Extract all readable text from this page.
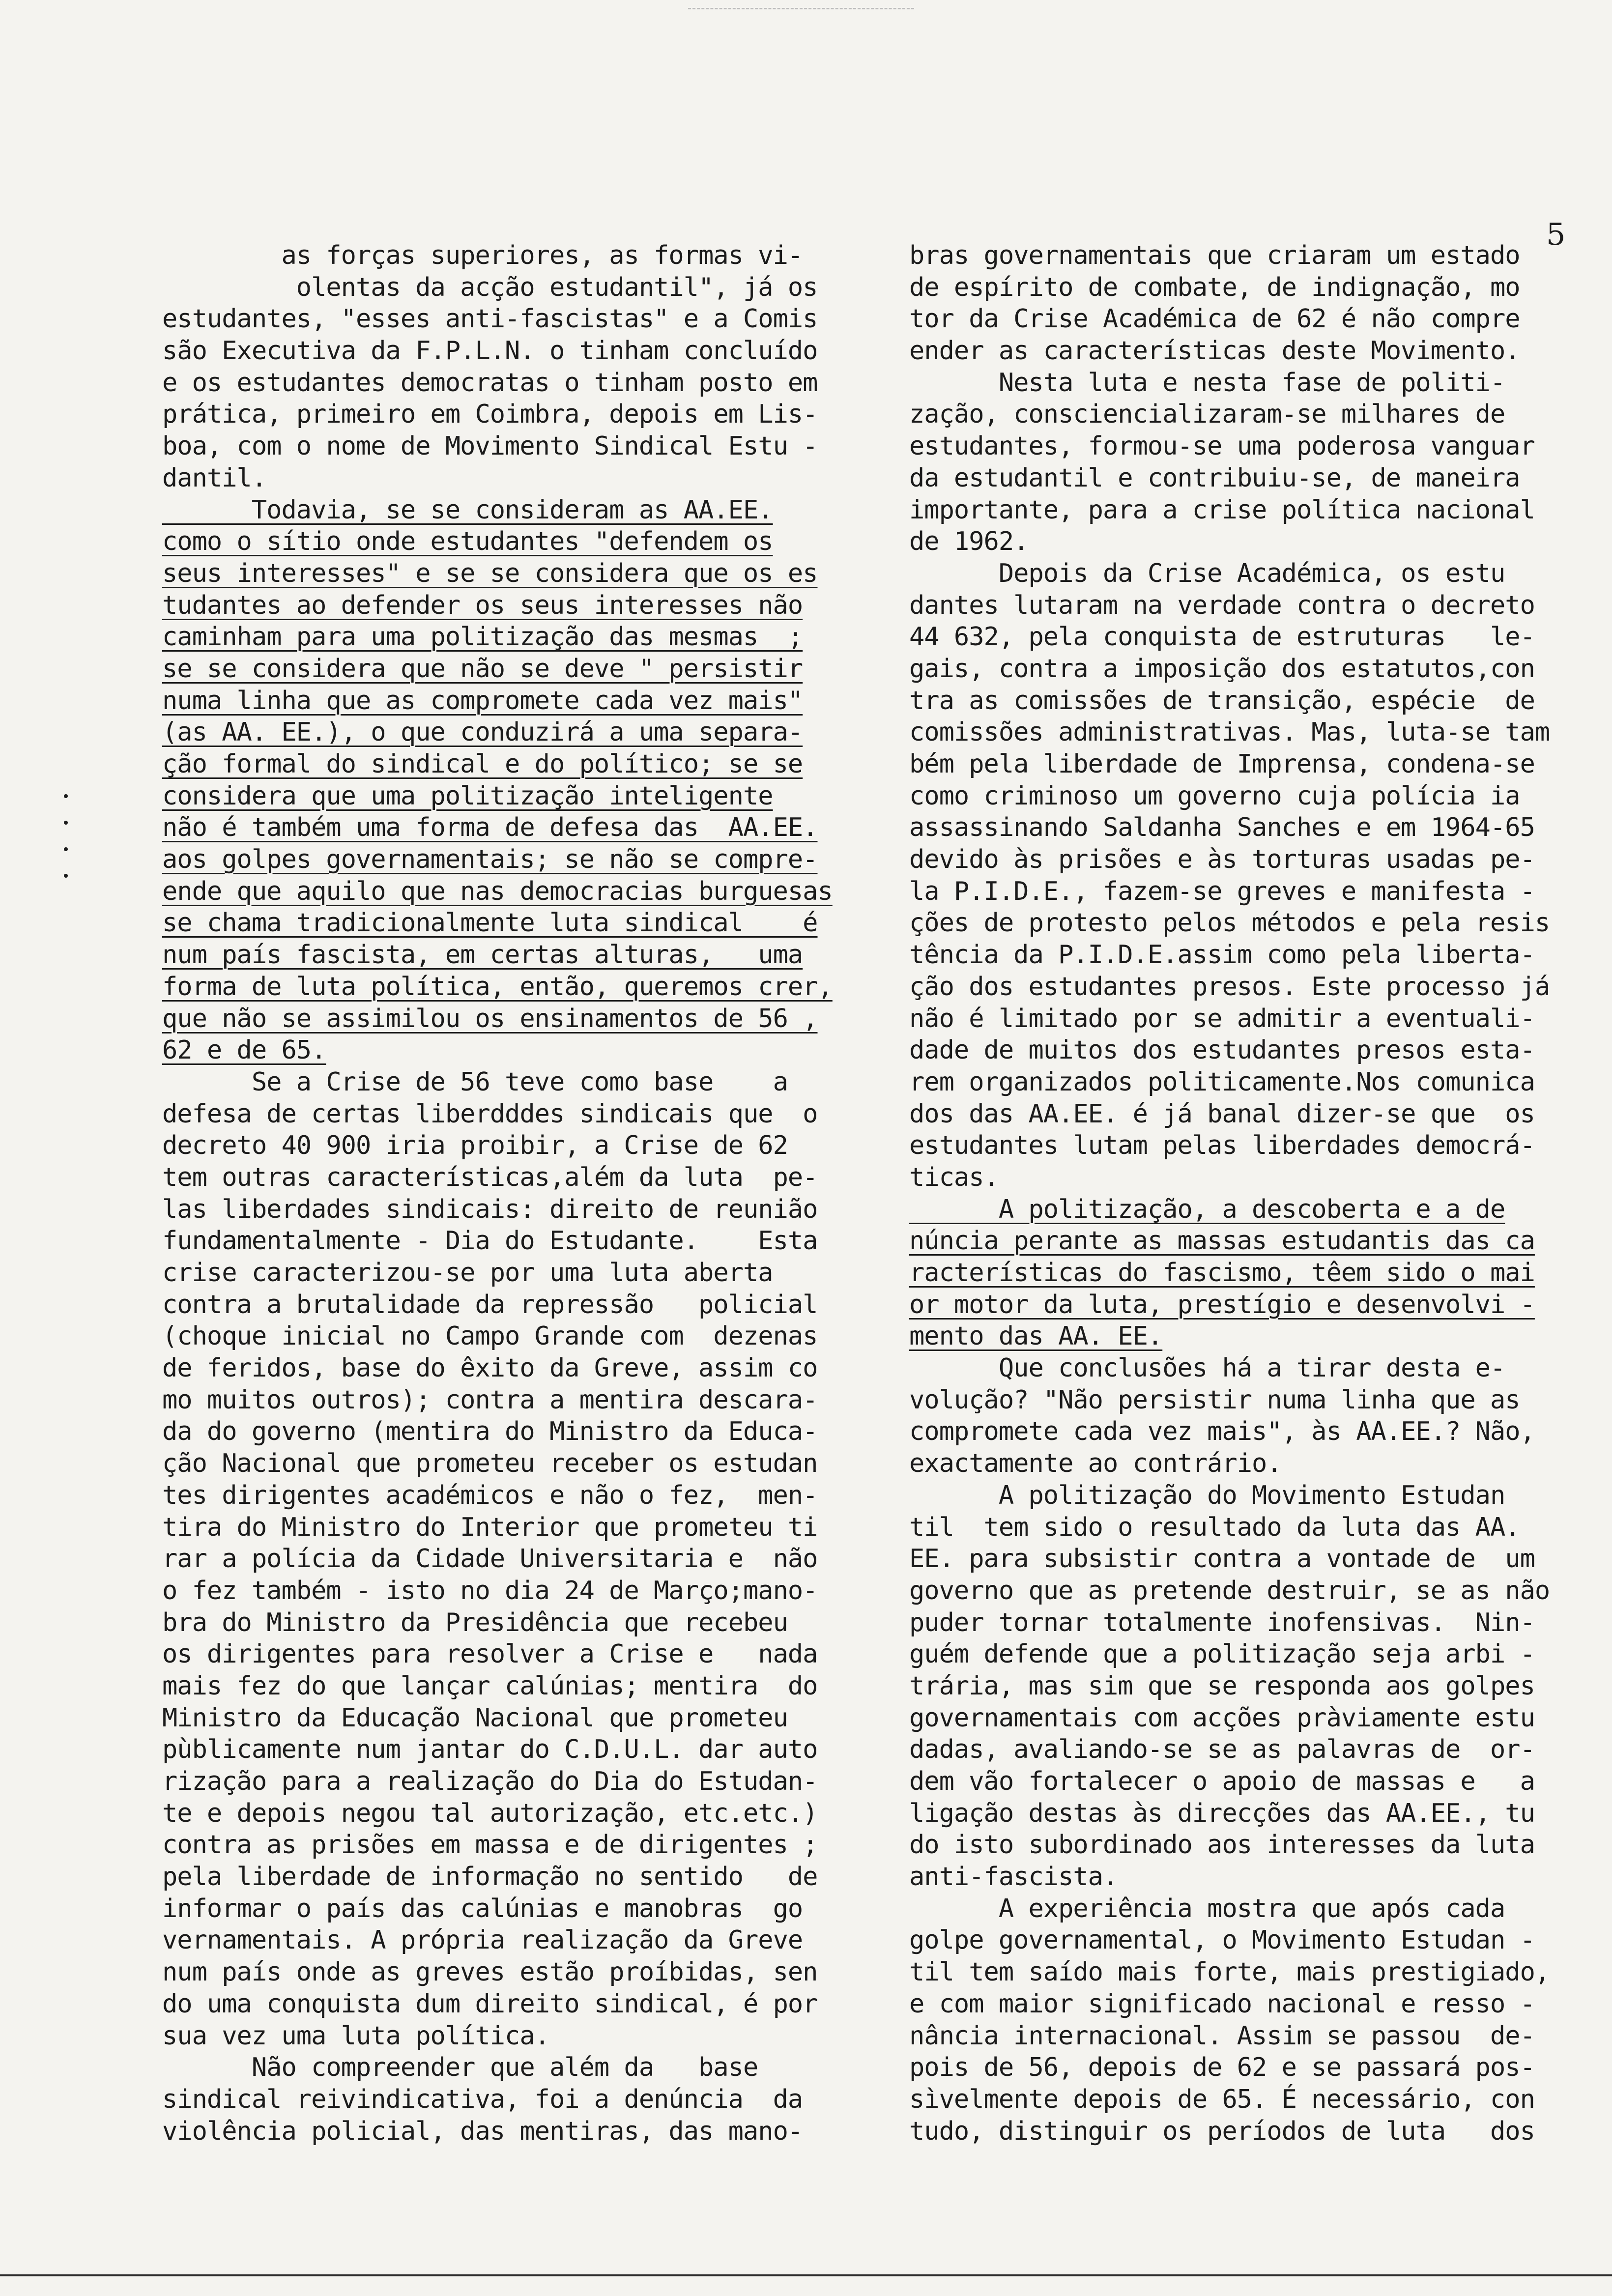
5
as forças superiores, as formas vi-
olentas da acção estudantil", já os
estudantes, "esses anti-fascistas" e a Comis
são Executiva da F.P.L.N. o tinham concluído
e os estudantes democratas o tinham posto em
prática, primeiro em Coimbra, depois em Lis-
boa, com o nome de Movimento Sindical Estu -
dantil.
Todavia, se se consideram as AA.EE.
como o sítio onde estudantes "defendem os
seus interesses" e se se considera que os es
tudantes ao defender os seus interesses não
caminham para uma politização das mesmas  ;
se se considera que não se deve " persistir
numa linha que as compromete cada vez mais"
(as AA. EE.), o que conduzirá a uma separa-
ção formal do sindical e do político; se se
considera que uma politização inteligente
não é também uma forma de defesa das  AA.EE.
aos golpes governamentais; se não se compre-
ende que aquilo que nas democracias burguesas
se chama tradicionalmente luta sindical    é
num país fascista, em certas alturas,   uma
forma de luta política, então, queremos crer,
que não se assimilou os ensinamentos de 56 ,
62 e de 65.
Se a Crise de 56 teve como base    a
defesa de certas liberdddes sindicais que  o
decreto 40 900 iria proibir, a Crise de 62
tem outras características,além da luta  pe-
las liberdades sindicais: direito de reunião
fundamentalmente - Dia do Estudante.    Esta
crise caracterizou-se por uma luta aberta
contra a brutalidade da repressão   policial
(choque inicial no Campo Grande com  dezenas
de feridos, base do êxito da Greve, assim co
mo muitos outros); contra a mentira descara-
da do governo (mentira do Ministro da Educa-
ção Nacional que prometeu receber os estudan
tes dirigentes académicos e não o fez,  men-
tira do Ministro do Interior que prometeu ti
rar a polícia da Cidade Universitaria e  não
o fez também - isto no dia 24 de Março;mano-
bra do Ministro da Presidência que recebeu
os dirigentes para resolver a Crise e   nada
mais fez do que lançar calúnias; mentira  do
Ministro da Educação Nacional que prometeu
pùblicamente num jantar do C.D.U.L. dar auto
rização para a realização do Dia do Estudan-
te e depois negou tal autorização, etc.etc.)
contra as prisões em massa e de dirigentes ;
pela liberdade de informação no sentido   de
informar o país das calúnias e manobras  go
vernamentais. A própria realização da Greve
num país onde as greves estão proíbidas, sen
do uma conquista dum direito sindical, é por
sua vez uma luta política.
Não compreender que além da   base
sindical reivindicativa, foi a denúncia  da
violência policial, das mentiras, das mano-
bras governamentais que criaram um estado
de espírito de combate, de indignação, mo
tor da Crise Académica de 62 é não compre
ender as características deste Movimento.
Nesta luta e nesta fase de politi-
zação, consciencializaram-se milhares de
estudantes, formou-se uma poderosa vanguar
da estudantil e contribuiu-se, de maneira
importante, para a crise política nacional
de 1962.
Depois da Crise Académica, os estu
dantes lutaram na verdade contra o decreto
44 632, pela conquista de estruturas   le-
gais, contra a imposição dos estatutos,con
tra as comissões de transição, espécie  de
comissões administrativas. Mas, luta-se tam
bém pela liberdade de Imprensa, condena-se
como criminoso um governo cuja polícia ia
assassinando Saldanha Sanches e em 1964-65
devido às prisões e às torturas usadas pe-
la P.I.D.E., fazem-se greves e manifesta -
ções de protesto pelos métodos e pela resis
tência da P.I.D.E.assim como pela liberta-
ção dos estudantes presos. Este processo já
não é limitado por se admitir a eventuali-
dade de muitos dos estudantes presos esta-
rem organizados politicamente.Nos comunica
dos das AA.EE. é já banal dizer-se que  os
estudantes lutam pelas liberdades democrá-
ticas.
A politização, a descoberta e a de
núncia perante as massas estudantis das ca
racterísticas do fascismo, têem sido o mai
or motor da luta, prestígio e desenvolvi -
mento das AA. EE.
Que conclusões há a tirar desta e-
volução? "Não persistir numa linha que as
compromete cada vez mais", às AA.EE.? Não,
exactamente ao contrário.
A politização do Movimento Estudan
til  tem sido o resultado da luta das AA.
EE. para subsistir contra a vontade de  um
governo que as pretende destruir, se as não
puder tornar totalmente inofensivas.  Nin-
guém defende que a politização seja arbi -
trária, mas sim que se responda aos golpes
governamentais com acções pràviamente estu
dadas, avaliando-se se as palavras de  or-
dem vão fortalecer o apoio de massas e   a
ligação destas às direcções das AA.EE., tu
do isto subordinado aos interesses da luta
anti-fascista.
A experiência mostra que após cada
golpe governamental, o Movimento Estudan -
til tem saído mais forte, mais prestigiado,
e com maior significado nacional e resso -
nância internacional. Assim se passou  de-
pois de 56, depois de 62 e se passará pos-
sìvelmente depois de 65. É necessário, con
tudo, distinguir os períodos de luta   dos
